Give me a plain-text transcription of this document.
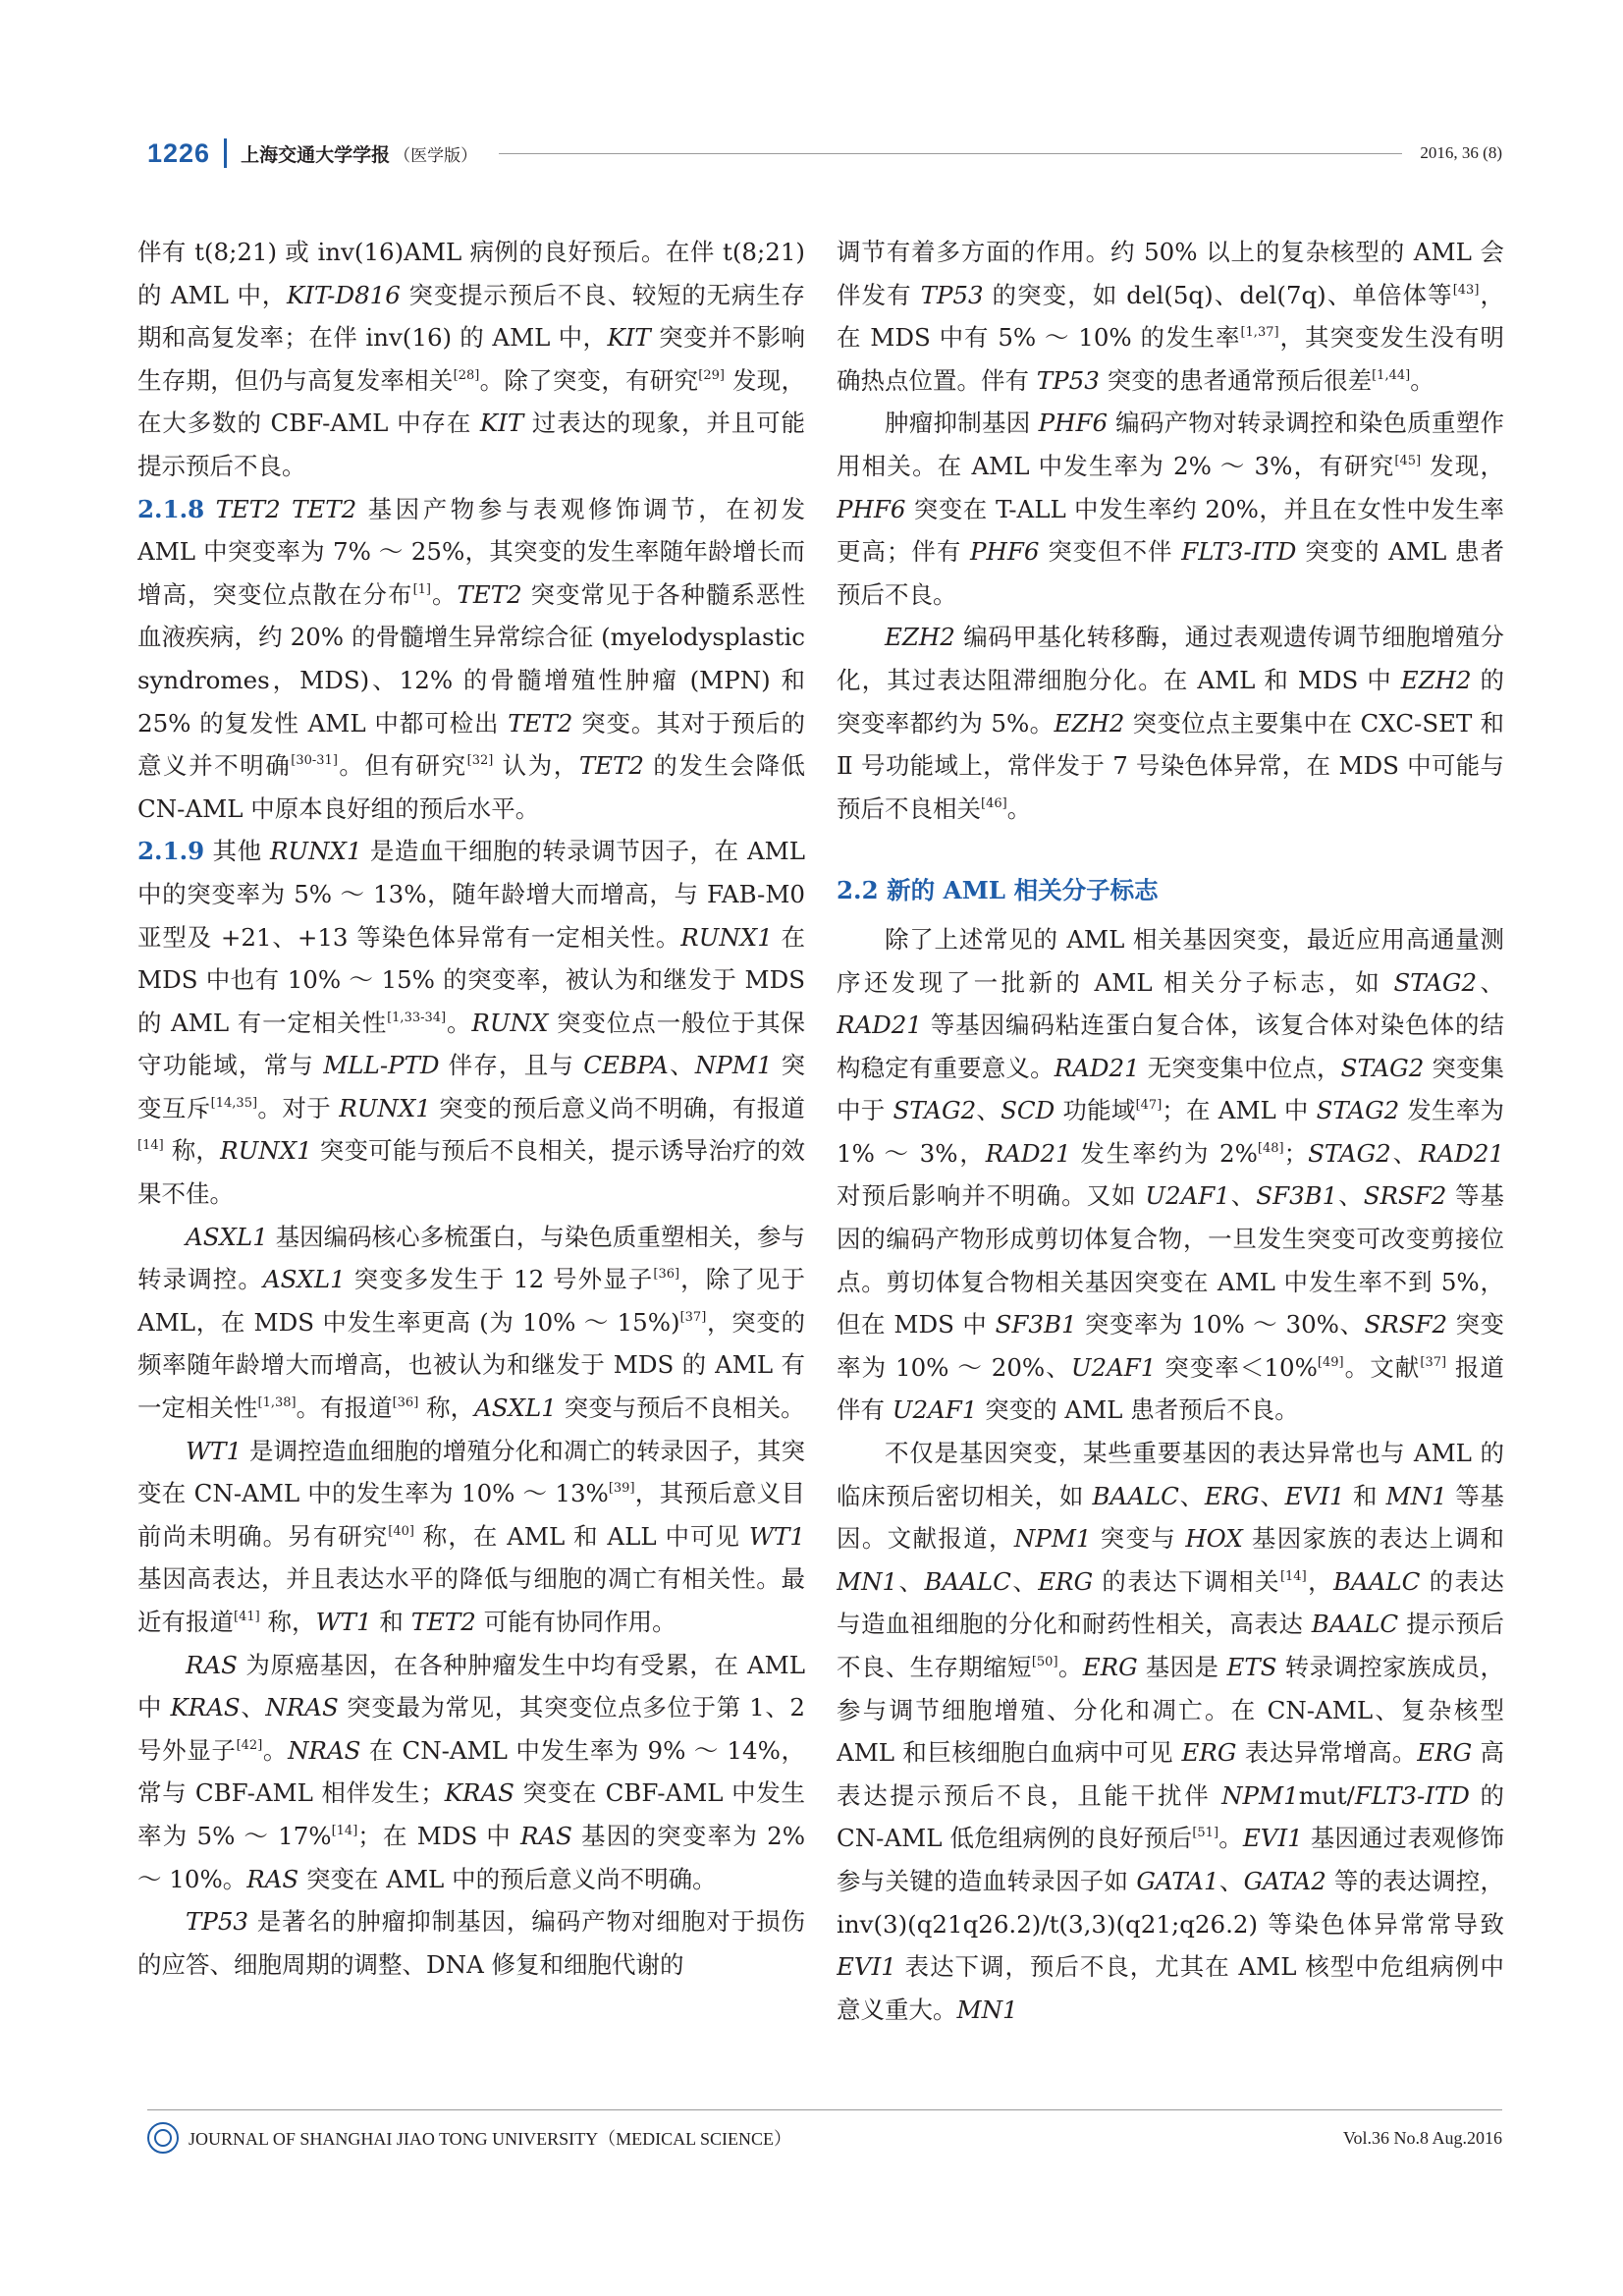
1226 上海交通大学学报 （医学版）	2016, 36 (8)

伴有 t(8;21) 或 inv(16)AML 病例的良好预后。在伴 t(8;21) 的 AML 中，KIT-D816 突变提示预后不良、较短的无病生存期和高复发率；在伴 inv(16) 的 AML 中，KIT 突变并不影响生存期，但仍与高复发率相关[28]。除了突变，有研究[29] 发现，在大多数的 CBF-AML 中存在 KIT 过表达的现象，并且可能提示预后不良。

2.1.8 TET2 TET2 基因产物参与表观修饰调节，在初发 AML 中突变率为 7% ～ 25%，其突变的发生率随年龄增长而增高，突变位点散在分布[1]。TET2 突变常见于各种髓系恶性血液疾病，约 20% 的骨髓增生异常综合征 (myelodysplastic syndromes，MDS)、12% 的骨髓增殖性肿瘤 (MPN) 和 25% 的复发性 AML 中都可检出 TET2 突变。其对于预后的意义并不明确[30-31]。但有研究[32] 认为，TET2 的发生会降低 CN-AML 中原本良好组的预后水平。

2.1.9 其他 RUNX1 是造血干细胞的转录调节因子，在 AML 中的突变率为 5% ～ 13%，随年龄增大而增高，与 FAB-M0 亚型及 +21、+13 等染色体异常有一定相关性。RUNX1 在 MDS 中也有 10% ～ 15% 的突变率，被认为和继发于 MDS 的 AML 有一定相关性[1,33-34]。RUNX 突变位点一般位于其保守功能域，常与 MLL-PTD 伴存，且与 CEBPA、NPM1 突变互斥[14,35]。对于 RUNX1 突变的预后意义尚不明确，有报道[14] 称，RUNX1 突变可能与预后不良相关，提示诱导治疗的效果不佳。

ASXL1 基因编码核心多梳蛋白，与染色质重塑相关，参与转录调控。ASXL1 突变多发生于 12 号外显子[36]，除了见于 AML，在 MDS 中发生率更高 (为 10% ～ 15%)[37]，突变的频率随年龄增大而增高，也被认为和继发于 MDS 的 AML 有一定相关性[1,38]。有报道[36] 称，ASXL1 突变与预后不良相关。

WT1 是调控造血细胞的增殖分化和凋亡的转录因子，其突变在 CN-AML 中的发生率为 10% ～ 13%[39]，其预后意义目前尚未明确。另有研究[40] 称，在 AML 和 ALL 中可见 WT1 基因高表达，并且表达水平的降低与细胞的凋亡有相关性。最近有报道[41] 称，WT1 和 TET2 可能有协同作用。

RAS 为原癌基因，在各种肿瘤发生中均有受累，在 AML 中 KRAS、NRAS 突变最为常见，其突变位点多位于第 1、2 号外显子[42]。NRAS 在 CN-AML 中发生率为 9% ～ 14%，常与 CBF-AML 相伴发生；KRAS 突变在 CBF-AML 中发生率为 5% ～ 17%[14]；在 MDS 中 RAS 基因的突变率为 2% ～ 10%。RAS 突变在 AML 中的预后意义尚不明确。

TP53 是著名的肿瘤抑制基因，编码产物对细胞对于损伤的应答、细胞周期的调整、DNA 修复和细胞代谢的

调节有着多方面的作用。约 50% 以上的复杂核型的 AML 会伴发有 TP53 的突变，如 del(5q)、del(7q)、单倍体等[43]，在 MDS 中有 5% ～ 10% 的发生率[1,37]，其突变发生没有明确热点位置。伴有 TP53 突变的患者通常预后很差[1,44]。

肿瘤抑制基因 PHF6 编码产物对转录调控和染色质重塑作用相关。在 AML 中发生率为 2% ～ 3%，有研究[45] 发现，PHF6 突变在 T-ALL 中发生率约 20%，并且在女性中发生率更高；伴有 PHF6 突变但不伴 FLT3-ITD 突变的 AML 患者预后不良。

EZH2 编码甲基化转移酶，通过表观遗传调节细胞增殖分化，其过表达阻滞细胞分化。在 AML 和 MDS 中 EZH2 的突变率都约为 5%。EZH2 突变位点主要集中在 CXC-SET 和 Ⅱ 号功能域上，常伴发于 7 号染色体异常，在 MDS 中可能与预后不良相关[46]。

2.2 新的 AML 相关分子标志

除了上述常见的 AML 相关基因突变，最近应用高通量测序还发现了一批新的 AML 相关分子标志，如 STAG2、RAD21 等基因编码粘连蛋白复合体，该复合体对染色体的结构稳定有重要意义。RAD21 无突变集中位点，STAG2 突变集中于 STAG2、SCD 功能域[47]；在 AML 中 STAG2 发生率为 1% ～ 3%，RAD21 发生率约为 2%[48]；STAG2、RAD21 对预后影响并不明确。又如 U2AF1、SF3B1、SRSF2 等基因的编码产物形成剪切体复合物，一旦发生突变可改变剪接位点。剪切体复合物相关基因突变在 AML 中发生率不到 5%，但在 MDS 中 SF3B1 突变率为 10% ～ 30%、SRSF2 突变率为 10% ～ 20%、U2AF1 突变率＜10%[49]。文献[37] 报道伴有 U2AF1 突变的 AML 患者预后不良。

不仅是基因突变，某些重要基因的表达异常也与 AML 的临床预后密切相关，如 BAALC、ERG、EVI1 和 MN1 等基因。文献报道，NPM1 突变与 HOX 基因家族的表达上调和 MN1、BAALC、ERG 的表达下调相关[14]，BAALC 的表达与造血祖细胞的分化和耐药性相关，高表达 BAALC 提示预后不良、生存期缩短[50]。ERG 基因是 ETS 转录调控家族成员，参与调节细胞增殖、分化和凋亡。在 CN-AML、复杂核型 AML 和巨核细胞白血病中可见 ERG 表达异常增高。ERG 高表达提示预后不良，且能干扰伴 NPM1mut/FLT3-ITD 的 CN-AML 低危组病例的良好预后[51]。EVI1 基因通过表观修饰参与关键的造血转录因子如 GATA1、GATA2 等的表达调控，inv(3)(q21q26.2)/t(3,3)(q21;q26.2) 等染色体异常常导致 EVI1 表达下调，预后不良，尤其在 AML 核型中危组病例中意义重大。MN1

JOURNAL OF SHANGHAI JIAO TONG UNIVERSITY（MEDICAL SCIENCE）	Vol.36 No.8 Aug.2016
